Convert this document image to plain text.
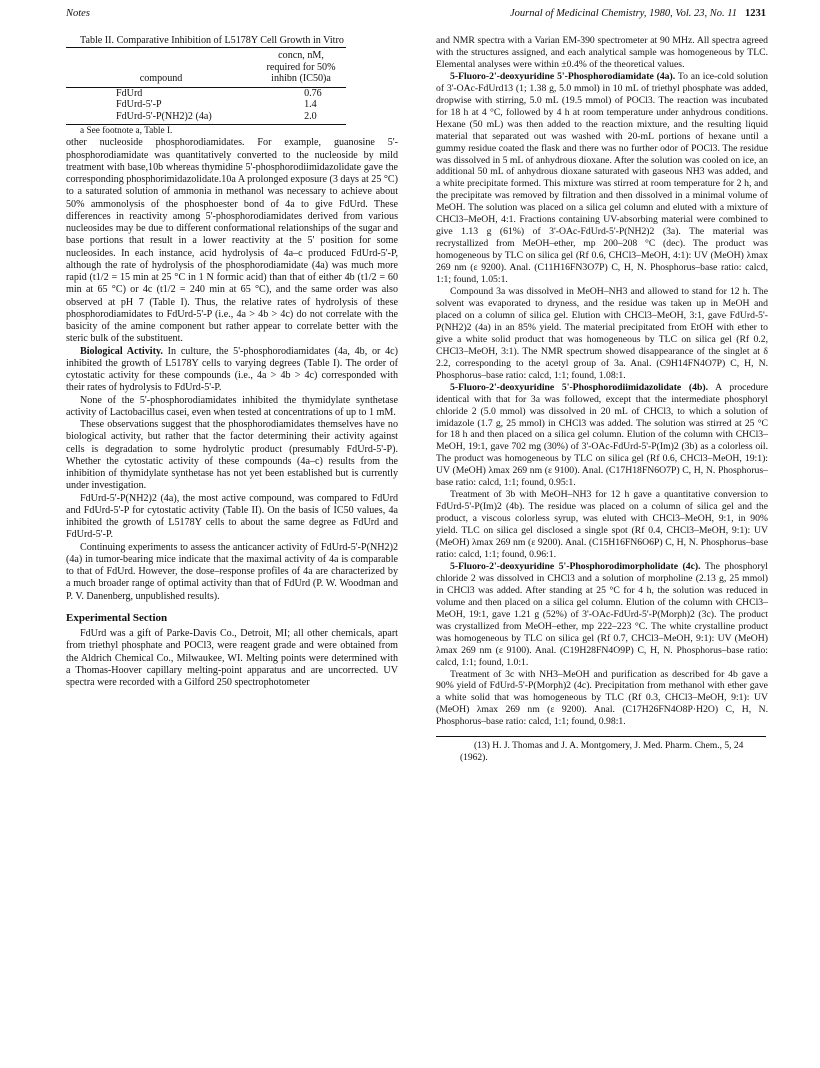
Notes	Journal of Medicinal Chemistry, 1980, Vol. 23, No. 11 1231

Table II. Comparative Inhibition of L5178Y Cell Growth in Vitro

compound	concn, nM,
required for 50%
inhibn (IC50)a

FdUrd	0.76
FdUrd-5'-P	1.4
FdUrd-5'-P(NH2)2 (4a)	2.0

a See footnote a, Table I.

other nucleoside phosphorodiamidates. For example, guanosine 5'-phosphorodiamidate was quantitatively converted to the nucleoside by mild treatment with base,10b whereas thymidine 5'-phosphorodiimidazolidate gave the corresponding phosphorimidazolidate.10a A prolonged exposure (3 days at 25 °C) to a saturated solution of ammonia in methanol was necessary to achieve about 50% ammonolysis of the phosphoester bond of 4a to give FdUrd. These differences in reactivity among 5'-phosphorodiamidates derived from various nucleosides may be due to different conformational relationships of the sugar and base portions that result in a lower reactivity at the 5' position for some nucleosides. In each instance, acid hydrolysis of 4a–c produced FdUrd-5'-P, although the rate of hydrolysis of the phosphorodiamidate (4a) was much more rapid (t1/2 = 15 min at 25 °C in 1 N formic acid) than that of either 4b (t1/2 = 60 min at 65 °C) or 4c (t1/2 = 240 min at 65 °C), and the same order was also observed at pH 7 (Table I). Thus, the relative rates of hydrolysis of these phosphorodiamidates to FdUrd-5'-P (i.e., 4a > 4b > 4c) do not correlate with the basicity of the amine component but rather appear to correlate better with the steric bulk of the substituent.

Biological Activity. In culture, the 5'-phosphorodiamidates (4a, 4b, or 4c) inhibited the growth of L5178Y cells to varying degrees (Table I). The order of cytostatic activity for these compounds (i.e., 4a > 4b > 4c) corresponded with their rates of hydrolysis to FdUrd-5'-P.

None of the 5'-phosphorodiamidates inhibited the thymidylate synthetase activity of Lactobacillus casei, even when tested at concentrations of up to 1 mM.

These observations suggest that the phosphorodiamidates themselves have no biological activity, but rather that the factor determining their activity against cells is degradation to some hydrolytic product (presumably FdUrd-5'-P). Whether the cytostatic activity of these compounds (4a–c) results from the inhibition of thymidylate synthetase has not yet been established but is currently under investigation.

FdUrd-5'-P(NH2)2 (4a), the most active compound, was compared to FdUrd and FdUrd-5'-P for cytostatic activity (Table II). On the basis of IC50 values, 4a inhibited the growth of L5178Y cells to about the same degree as FdUrd and FdUrd-5'-P.

Continuing experiments to assess the anticancer activity of FdUrd-5'-P(NH2)2 (4a) in tumor-bearing mice indicate that the maximal activity of 4a is comparable to that of FdUrd. However, the dose–response profiles of 4a are characterized by a much broader range of optimal activity than that of FdUrd (P. W. Woodman and P. V. Danenberg, unpublished results).

Experimental Section

FdUrd was a gift of Parke-Davis Co., Detroit, MI; all other chemicals, apart from triethyl phosphate and POCl3, were reagent grade and were obtained from the Aldrich Chemical Co., Milwaukee, WI. Melting points were determined with a Thomas-Hoover capillary melting-point apparatus and are uncorrected. UV spectra were recorded with a Gilford 250 spectrophotometer

and NMR spectra with a Varian EM-390 spectrometer at 90 MHz. All spectra agreed with the structures assigned, and each analytical sample was homogeneous by TLC. Elemental analyses were within ±0.4% of the theoretical values.

5-Fluoro-2'-deoxyuridine 5'-Phosphorodiamidate (4a). To an ice-cold solution of 3'-OAc-FdUrd13 (1; 1.38 g, 5.0 mmol) in 10 mL of triethyl phosphate was added, dropwise with stirring, 5.0 mL (19.5 mmol) of POCl3. The reaction was incubated for 18 h at 4 °C, followed by 4 h at room temperature under anhydrous conditions. Hexane (50 mL) was then added to the reaction mixture, and the resulting liquid material that separated out was washed with 20-mL portions of hexane until a gummy residue coated the flask and there was no further odor of POCl3. The residue was dissolved in 5 mL of anhydrous dioxane. After the solution was cooled on ice, an additional 50 mL of anhydrous dioxane saturated with gaseous NH3 was added, and a white precipitate formed. This mixture was stirred at room temperature for 2 h, and the precipitate was removed by filtration and then dissolved in a minimal volume of MeOH. The solution was placed on a silica gel column and eluted with a mixture of CHCl3–MeOH, 4:1. Fractions containing UV-absorbing material were combined to give 1.13 g (61%) of 3'-OAc-FdUrd-5'-P(NH2)2 (3a). The material was recrystallized from MeOH–ether, mp 200–208 °C (dec). The product was homogeneous by TLC on silica gel (Rf 0.6, CHCl3–MeOH, 4:1): UV (MeOH) λmax 269 nm (ε 9200). Anal. (C11H16FN3O7P) C, H, N. Phosphorus–base ratio: calcd, 1:1; found, 1.05:1.

Compound 3a was dissolved in MeOH–NH3 and allowed to stand for 12 h. The solvent was evaporated to dryness, and the residue was taken up in MeOH and placed on a column of silica gel. Elution with CHCl3–MeOH, 3:1, gave FdUrd-5'-P(NH2)2 (4a) in an 85% yield. The material precipitated from EtOH with ether to give a white solid product that was homogeneous by TLC on silica gel (Rf 0.2, CHCl3–MeOH, 3:1). The NMR spectrum showed disappearance of the singlet at δ 2.2, corresponding to the acetyl group of 3a. Anal. (C9H14FN4O7P) C, H, N. Phosphorus–base ratio: calcd, 1:1; found, 1.08:1.

5-Fluoro-2'-deoxyuridine 5'-Phosphorodiimidazolidate (4b). A procedure identical with that for 3a was followed, except that the intermediate phosphoryl chloride 2 (5.0 mmol) was dissolved in 20 mL of CHCl3, to which a solution of imidazole (1.7 g, 25 mmol) in CHCl3 was added. The solution was stirred at 25 °C for 18 h and then placed on a silica gel column. Elution of the column with CHCl3–MeOH, 19:1, gave 702 mg (30%) of 3'-OAc-FdUrd-5'-P(Im)2 (3b) as a colorless oil. The product was homogeneous by TLC on silica gel (Rf 0.6, CHCl3–MeOH, 19:1): UV (MeOH) λmax 269 nm (ε 9100). Anal. (C17H18FN6O7P) C, H, N. Phosphorus–base ratio: calcd, 1:1; found, 0.95:1.

Treatment of 3b with MeOH–NH3 for 12 h gave a quantitative conversion to FdUrd-5'-P(Im)2 (4b). The residue was placed on a column of silica gel and the product, a viscous colorless syrup, was eluted with CHCl3–MeOH, 9:1, in 90% yield. TLC on silica gel disclosed a single spot (Rf 0.4, CHCl3–MeOH, 9:1): UV (MeOH) λmax 269 nm (ε 9200). Anal. (C15H16FN6O6P) C, H, N. Phosphorus–base ratio: calcd, 1:1; found, 0.96:1.

5-Fluoro-2'-deoxyuridine 5'-Phosphorodimorpholidate (4c). The phosphoryl chloride 2 was dissolved in CHCl3 and a solution of morpholine (2.13 g, 25 mmol) in CHCl3 was added. After standing at 25 °C for 4 h, the solution was reduced in volume and then placed on a silica gel column. Elution of the column with CHCl3–MeOH, 19:1, gave 1.21 g (52%) of 3'-OAc-FdUrd-5'-P(Morph)2 (3c). The product was crystallized from MeOH–ether, mp 222–223 °C. The white crystalline product was homogeneous by TLC on silica gel (Rf 0.7, CHCl3–MeOH, 9:1): UV (MeOH) λmax 269 nm (ε 9100). Anal. (C19H28FN4O9P) C, H, N. Phosphorus–base ratio: calcd, 1:1; found, 1.0:1.

Treatment of 3c with NH3–MeOH and purification as described for 4b gave a 90% yield of FdUrd-5'-P(Morph)2 (4c). Precipitation from methanol with ether gave a white solid that was homogeneous by TLC (Rf 0.3, CHCl3–MeOH, 9:1): UV (MeOH) λmax 269 nm (ε 9200). Anal. (C17H26FN4O8P·H2O) C, H, N. Phosphorus–base ratio: calcd, 1:1; found, 0.98:1.

(13) H. J. Thomas and J. A. Montgomery, J. Med. Pharm. Chem., 5, 24 (1962).
